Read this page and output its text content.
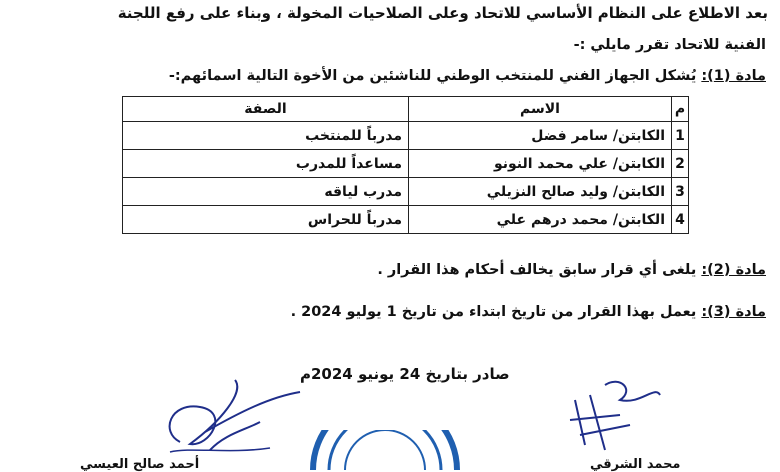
بعد الاطلاع على النظام الأساسي للاتحاد وعلى الصلاحيات المخولة ، وبناء على رفع اللجنة
الفنية للاتحاد تقرر مايلي :-
مادة (1): يُشكل الجهاز الفني للمنتخب الوطني للناشئين من الأخوة التالية اسمائهم:-
م	الاسم	الصفة
1	الكابتن/ سامر فضل	مدرباً للمنتخب
2	الكابتن/ علي محمد النونو	مساعداً للمدرب
3	الكابتن/ وليد صالح النزيلي	مدرب لياقه
4	الكابتن/ محمد درهم علي	مدرباً للحراس
مادة (2): يلغى أي قرار سابق يخالف أحكام هذا القرار .
مادة (3): يعمل بهذا القرار من تاريخ ابتداء من تاريخ 1 يوليو 2024 .
صادر بتاريخ 24 يونيو 2024م
أحمد صالح العيسي	محمد الشرقي
